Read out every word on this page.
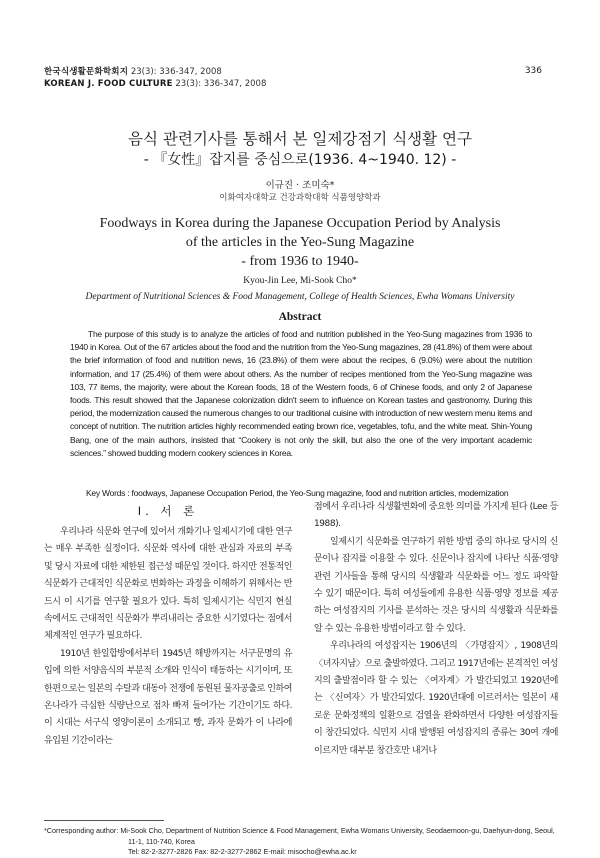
한국식생활문화학회지 23(3): 336-347, 2008
KOREAN J. FOOD CULTURE 23(3): 336-347, 2008
336
음식 관련기사를 통해서 본 일제강점기 식생활 연구
- 『女性』잡지를 중심으로(1936. 4~1940. 12) -
이규진 · 조미숙*
이화여자대학교 건강과학대학 식품영양학과
Foodways in Korea during the Japanese Occupation Period by Analysis
of the articles in the Yeo-Sung Magazine
- from 1936 to 1940-
Kyou-Jin Lee, Mi-Sook Cho*
Department of Nutritional Sciences & Food Management, College of Health Sciences, Ewha Womans University
Abstract

The purpose of this study is to analyze the articles of food and nutrition published in the Yeo-Sung magazines from 1936 to 1940 in Korea. Out of the 67 articles about the food and the nutrition from the Yeo-Sung magazines, 28 (41.8%) of them were about the brief information of food and nutrition news, 16 (23.8%) of them were about the recipes, 6 (9.0%) were about the nutrition information, and 17 (25.4%) of them were about others. As the number of recipes mentioned from the Yeo-Sung magazine was 103, 77 items, the majority, were about the Korean foods, 18 of the Western foods, 6 of Chinese foods, and only 2 of Japanese foods. This result showed that the Japanese colonization didn't seem to influence on Korean tastes and gastronomy. During this period, the modernization caused the numerous changes to our traditional cuisine with introduction of new western menu items and concept of nutrition. The nutrition articles highly recommended eating brown rice, vegetables, tofu, and the white meat. Shin-Young Bang, one of the main authors, insisted that “Cookery is not only the skill, but also the one of the very important academic sciences.” showed budding modern cookery sciences in Korea.

Key Words : foodways, Japanese Occupation Period, the Yeo-Sung magazine, food and nutrition articles, modernization
I. 서 론

우리나라 식문화 연구에 있어서 개화기나 일제시기에 대한 연구는 매우 부족한 실정이다. 식문화 역사에 대한 관심과 자료의 부족 및 당시 자료에 대한 제한된 접근성 때문일 것이다. 하지만 전통적인 식문화가 근대적인 식문화로 변화하는 과정을 이해하기 위해서는 반드시 이 시기를 연구할 필요가 있다. 특히 일제시기는 식민지 현실 속에서도 근대적인 식문화가 뿌리내리는 중요한 시기였다는 점에서 체계적인 연구가 필요하다.

1910년 한일합방에서부터 1945년 해방까지는 서구문명의 유입에 의한 서양음식의 부분적 소개와 인식이 태동하는 시기이며, 또 한편으로는 일본의 수탈과 대동아 전쟁에 동원된 물자공출로 인하여 온나라가 극심한 식량난으로 점차 빠져 들어가는 기간이기도 하다. 이 시대는 서구식 영양이론이 소개되고 빵, 과자 문화가 이 나라에 유입된 기간이라는

점에서 우리나라 식생활변화에 중요한 의미를 가지게 된다 (Lee 등 1988).

일제시기 식문화를 연구하기 위한 방법 중의 하나로 당시의 신문이나 잡지를 이용할 수 있다. 신문이나 잡지에 나타난 식품·영양 관련 기사들을 통해 당시의 식생활과 식문화를 어느 정도 파악할 수 있기 때문이다. 특히 여성들에게 유용한 식품·영양 정보를 제공하는 여성잡지의 기사를 분석하는 것은 당시의 식생활과 식문화를 알 수 있는 유용한 방법이라고 할 수 있다.

우리나라의 여성잡지는 1906년의 〈가뎡잡지〉, 1908년의 〈녀자지남〉으로 출발하였다. 그리고 1917년에는 본격적인 여성지의 출발점이라 할 수 있는 〈여자계〉가 발간되었고 1920년에는 〈신여자〉가 발간되었다. 1920년대에 이르러서는 일본이 새로운 문화정책의 일환으로 검열을 완화하면서 다양한 여성잡지들이 창간되었다. 식민지 시대 발행된 여성잡지의 종류는 30여 개에 이르지만 대부분 창간호만 내거나

*Corresponding author: Mi-Sook Cho, Department of Nutrition Science & Food Management, Ewha Womans University, Seodaemoon-gu, Daehyun-dong, Seoul,
11-1, 110-740, Korea
Tel: 82-2-3277-2826 Fax: 82-2-3277-2862 E-mail: misocho@ewha.ac.kr
